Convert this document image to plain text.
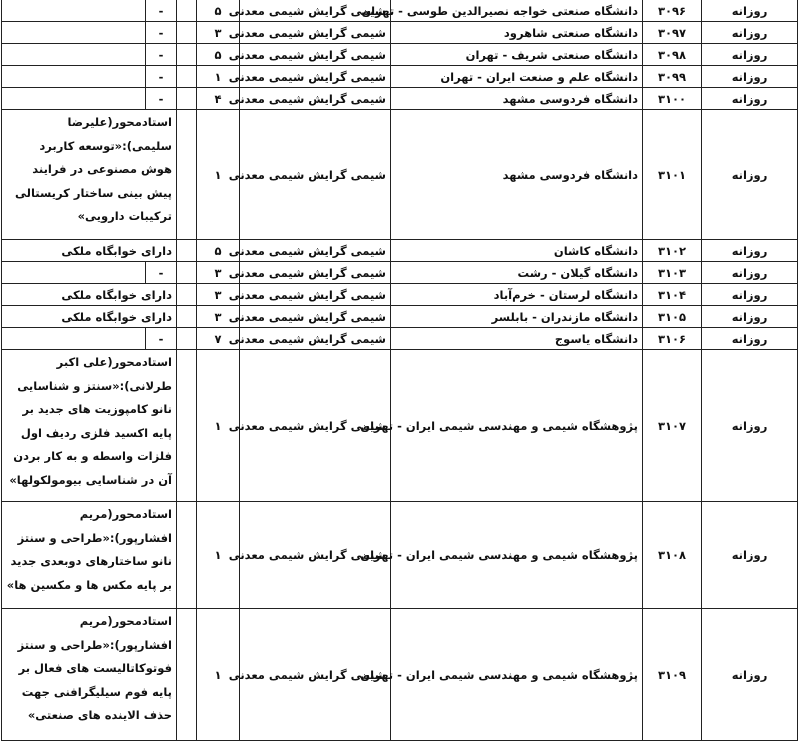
روزانه	۳۰۹۶	دانشگاه صنعتی خواجه نصیرالدین طوسی - تهران	شیمی گرایش شیمی معدنی	۵		-	
روزانه	۳۰۹۷	دانشگاه صنعتی شاهرود	شیمی گرایش شیمی معدنی	۳		-	
روزانه	۳۰۹۸	دانشگاه صنعتی شریف - تهران	شیمی گرایش شیمی معدنی	۵		-	
روزانه	۳۰۹۹	دانشگاه علم و صنعت ایران - تهران	شیمی گرایش شیمی معدنی	۱		-	
روزانه	۳۱۰۰	دانشگاه فردوسی مشهد	شیمی گرایش شیمی معدنی	۴		-	
روزانه	۳۱۰۱	دانشگاه فردوسی مشهد	شیمی گرایش شیمی معدنی	۱		استادمحور(علیرضا سلیمی):«توسعه کاربرد هوش مصنوعی در فرایند پیش بینی ساختار کریستالی ترکیبات دارویی»	
روزانه	۳۱۰۲	دانشگاه کاشان	شیمی گرایش شیمی معدنی	۵		دارای خوابگاه ملکی	
روزانه	۳۱۰۳	دانشگاه گیلان - رشت	شیمی گرایش شیمی معدنی	۳		-	
روزانه	۳۱۰۴	دانشگاه لرستان - خرم‌آباد	شیمی گرایش شیمی معدنی	۳		دارای خوابگاه ملکی	
روزانه	۳۱۰۵	دانشگاه مازندران - بابلسر	شیمی گرایش شیمی معدنی	۳		دارای خوابگاه ملکی	
روزانه	۳۱۰۶	دانشگاه یاسوج	شیمی گرایش شیمی معدنی	۷		-	
روزانه	۳۱۰۷	پژوهشگاه شیمی و مهندسی شیمی ایران - تهران	شیمی گرایش شیمی معدنی	۱		استادمحور(علی اکبر طرلانی):«سنتز و شناسایی نانو کامپوزیت های جدید بر پایه اکسید فلزی ردیف اول فلزات واسطه و به کار بردن آن در شناسایی بیومولکولها»	
روزانه	۳۱۰۸	پژوهشگاه شیمی و مهندسی شیمی ایران - تهران	شیمی گرایش شیمی معدنی	۱		استادمحور(مریم افشارپور):«طراحی و سنتز نانو ساختارهای دوبعدی جدید بر پایه مکس ها و مکسین ها»	
روزانه	۳۱۰۹	پژوهشگاه شیمی و مهندسی شیمی ایران - تهران	شیمی گرایش شیمی معدنی	۱		استادمحور(مریم افشارپور):«طراحی و سنتز فوتوکاتالیست های فعال بر پایه فوم سیلیگرافنی جهت حذف الاینده های صنعتی»	
